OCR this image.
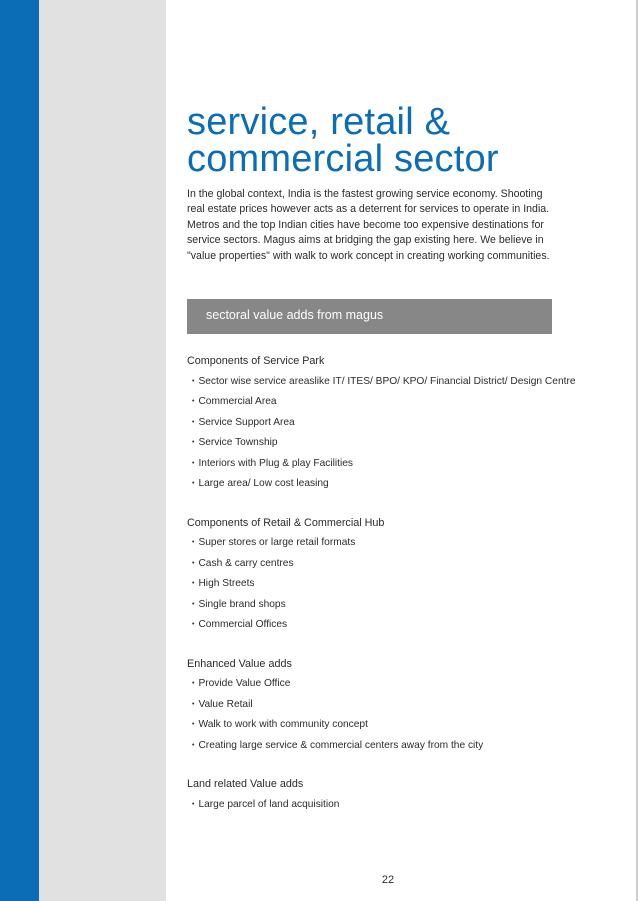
service, retail &
commercial sector

In the global context, India is the fastest growing service economy. Shooting real estate prices however acts as a deterrent for services to operate in India. Metros and the top Indian cities have become too expensive destinations for service sectors. Magus aims at bridging the gap existing here. We believe in "value properties" with walk to work concept in creating working communities.

sectoral value adds from magus
Components of Service Park
• Sector wise service areaslike IT/ ITES/ BPO/ KPO/ Financial District/ Design Centre
• Commercial Area
• Service Support Area
• Service Township
• Interiors with Plug & play Facilities
• Large area/ Low cost leasing
Components of Retail & Commercial Hub
• Super stores or large retail formats
• Cash & carry centres
• High Streets
• Single brand shops
• Commercial Offices
Enhanced Value adds
• Provide Value Office
• Value Retail
• Walk to work with community concept
• Creating large service & commercial centers away from the city
Land related Value adds
• Large parcel of land acquisition
22
